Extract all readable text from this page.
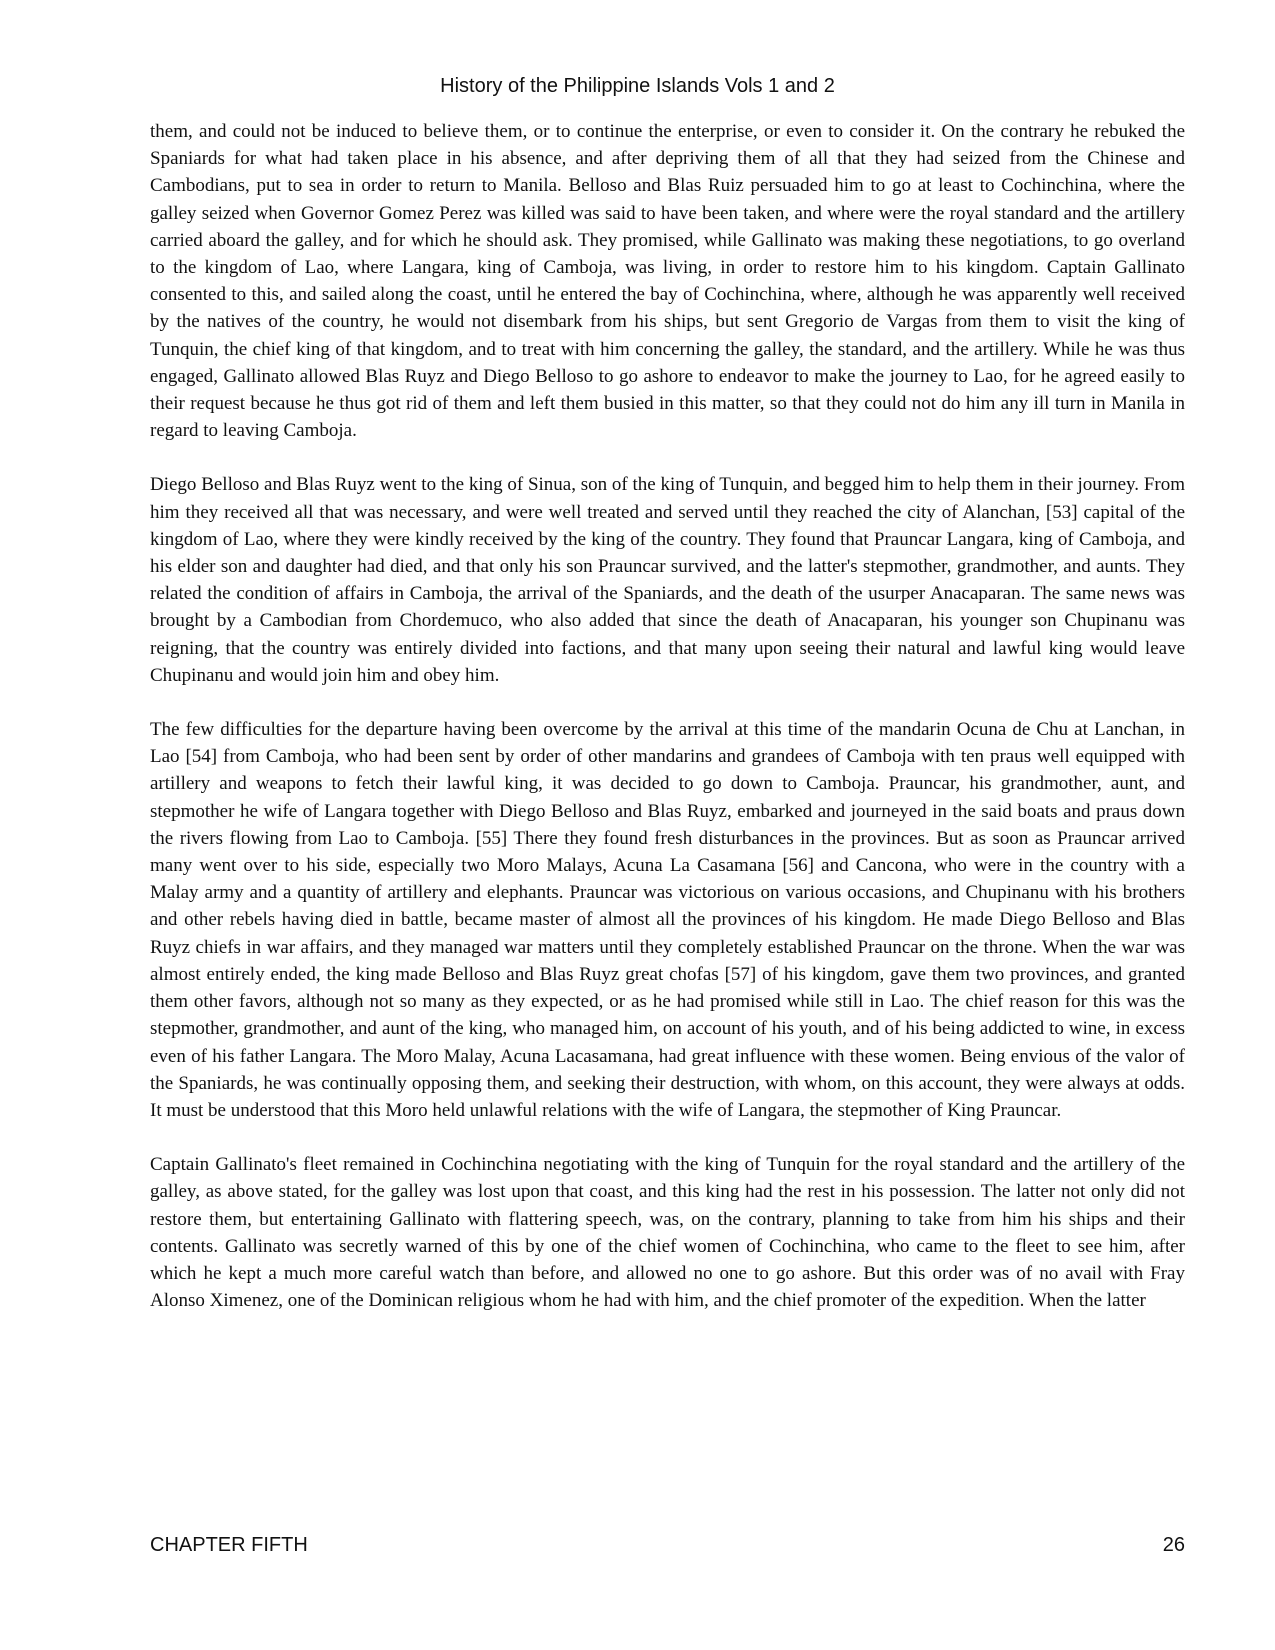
History of the Philippine Islands Vols 1 and 2

them, and could not be induced to believe them, or to continue the enterprise, or even to consider it. On the contrary he rebuked the Spaniards for what had taken place in his absence, and after depriving them of all that they had seized from the Chinese and Cambodians, put to sea in order to return to Manila. Belloso and Blas Ruiz persuaded him to go at least to Cochinchina, where the galley seized when Governor Gomez Perez was killed was said to have been taken, and where were the royal standard and the artillery carried aboard the galley, and for which he should ask. They promised, while Gallinato was making these negotiations, to go overland to the kingdom of Lao, where Langara, king of Camboja, was living, in order to restore him to his kingdom. Captain Gallinato consented to this, and sailed along the coast, until he entered the bay of Cochinchina, where, although he was apparently well received by the natives of the country, he would not disembark from his ships, but sent Gregorio de Vargas from them to visit the king of Tunquin, the chief king of that kingdom, and to treat with him concerning the galley, the standard, and the artillery. While he was thus engaged, Gallinato allowed Blas Ruyz and Diego Belloso to go ashore to endeavor to make the journey to Lao, for he agreed easily to their request because he thus got rid of them and left them busied in this matter, so that they could not do him any ill turn in Manila in regard to leaving Camboja.

Diego Belloso and Blas Ruyz went to the king of Sinua, son of the king of Tunquin, and begged him to help them in their journey. From him they received all that was necessary, and were well treated and served until they reached the city of Alanchan, [53] capital of the kingdom of Lao, where they were kindly received by the king of the country. They found that Prauncar Langara, king of Camboja, and his elder son and daughter had died, and that only his son Prauncar survived, and the latter's stepmother, grandmother, and aunts. They related the condition of affairs in Camboja, the arrival of the Spaniards, and the death of the usurper Anacaparan. The same news was brought by a Cambodian from Chordemuco, who also added that since the death of Anacaparan, his younger son Chupinanu was reigning, that the country was entirely divided into factions, and that many upon seeing their natural and lawful king would leave Chupinanu and would join him and obey him.

The few difficulties for the departure having been overcome by the arrival at this time of the mandarin Ocuna de Chu at Lanchan, in Lao [54] from Camboja, who had been sent by order of other mandarins and grandees of Camboja with ten praus well equipped with artillery and weapons to fetch their lawful king, it was decided to go down to Camboja. Prauncar, his grandmother, aunt, and stepmother he wife of Langara together with Diego Belloso and Blas Ruyz, embarked and journeyed in the said boats and praus down the rivers flowing from Lao to Camboja. [55] There they found fresh disturbances in the provinces. But as soon as Prauncar arrived many went over to his side, especially two Moro Malays, Acuna La Casamana [56] and Cancona, who were in the country with a Malay army and a quantity of artillery and elephants. Prauncar was victorious on various occasions, and Chupinanu with his brothers and other rebels having died in battle, became master of almost all the provinces of his kingdom. He made Diego Belloso and Blas Ruyz chiefs in war affairs, and they managed war matters until they completely established Prauncar on the throne. When the war was almost entirely ended, the king made Belloso and Blas Ruyz great chofas [57] of his kingdom, gave them two provinces, and granted them other favors, although not so many as they expected, or as he had promised while still in Lao. The chief reason for this was the stepmother, grandmother, and aunt of the king, who managed him, on account of his youth, and of his being addicted to wine, in excess even of his father Langara. The Moro Malay, Acuna Lacasamana, had great influence with these women. Being envious of the valor of the Spaniards, he was continually opposing them, and seeking their destruction, with whom, on this account, they were always at odds. It must be understood that this Moro held unlawful relations with the wife of Langara, the stepmother of King Prauncar.

Captain Gallinato's fleet remained in Cochinchina negotiating with the king of Tunquin for the royal standard and the artillery of the galley, as above stated, for the galley was lost upon that coast, and this king had the rest in his possession. The latter not only did not restore them, but entertaining Gallinato with flattering speech, was, on the contrary, planning to take from him his ships and their contents. Gallinato was secretly warned of this by one of the chief women of Cochinchina, who came to the fleet to see him, after which he kept a much more careful watch than before, and allowed no one to go ashore. But this order was of no avail with Fray Alonso Ximenez, one of the Dominican religious whom he had with him, and the chief promoter of the expedition. When the latter

CHAPTER FIFTH	26
